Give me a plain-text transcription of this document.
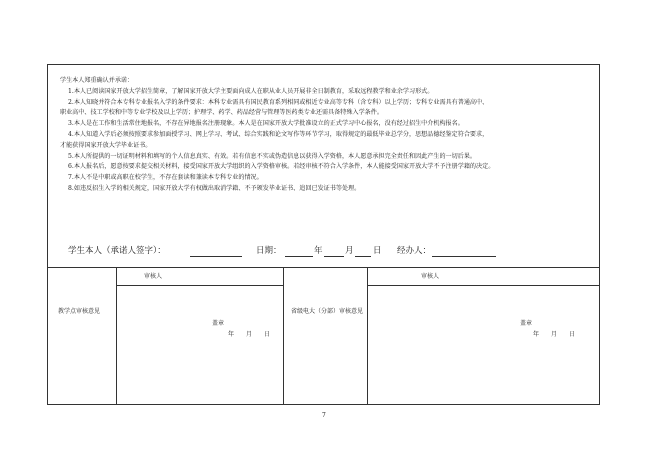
学生本人郑重确认并承诺：
1.本人已阅读国家开放大学招生简章，了解国家开放大学主要面向成人在职从业人员开展非全日制教育，采取远程教学和业余学习形式。
2.本人知晓并符合本专科专业报名入学的条件要求：本科专业需具有国民教育系列相同或相近专业高等专科（含专科）以上学历；专科专业需具有普通高中、
职业高中、技工学校和中等专业学校及以上学历；护理学、药学、药品经营与管理等医药类专业还需具备特殊入学条件。
3.本人是在工作和生活常住地报名，不存在异地报名注册现象。本人是在国家开放大学批准设立的正式学习中心报名，没有经过招生中介机构报名。
4.本人知道入学后必须按照要求参加面授学习、网上学习、考试、综合实践和论文写作等环节学习，取得规定的最低毕业总学分，思想品德经鉴定符合要求，
才能获得国家开放大学毕业证书。
5.本人所提供的一切证明材料和填写的个人信息真实、有效。若有信息不实或伪造信息以获得入学资格，本人愿意承担完全责任和因此产生的一切后果。
6.本人报名后，愿意按要求提交相关材料，接受国家开放大学组织的入学资格审核。若经审核不符合入学条件，本人能接受国家开放大学不予注册学籍的决定。
7.本人不是中职或高职在校学生，不存在套读和兼读本专科专业的情况。
8.如违反招生入学的相关规定，国家开放大学有权做出取消学籍、不予颁发毕业证书、追回已发证书等处理。
学生本人（承诺人签字）：	日期：	年	月 日 经办人：
教学点审核意见
审核人
盖章
年　　月　　日
省级电大（分部）审核意见
审核人
盖章
年　　月　　日
7
